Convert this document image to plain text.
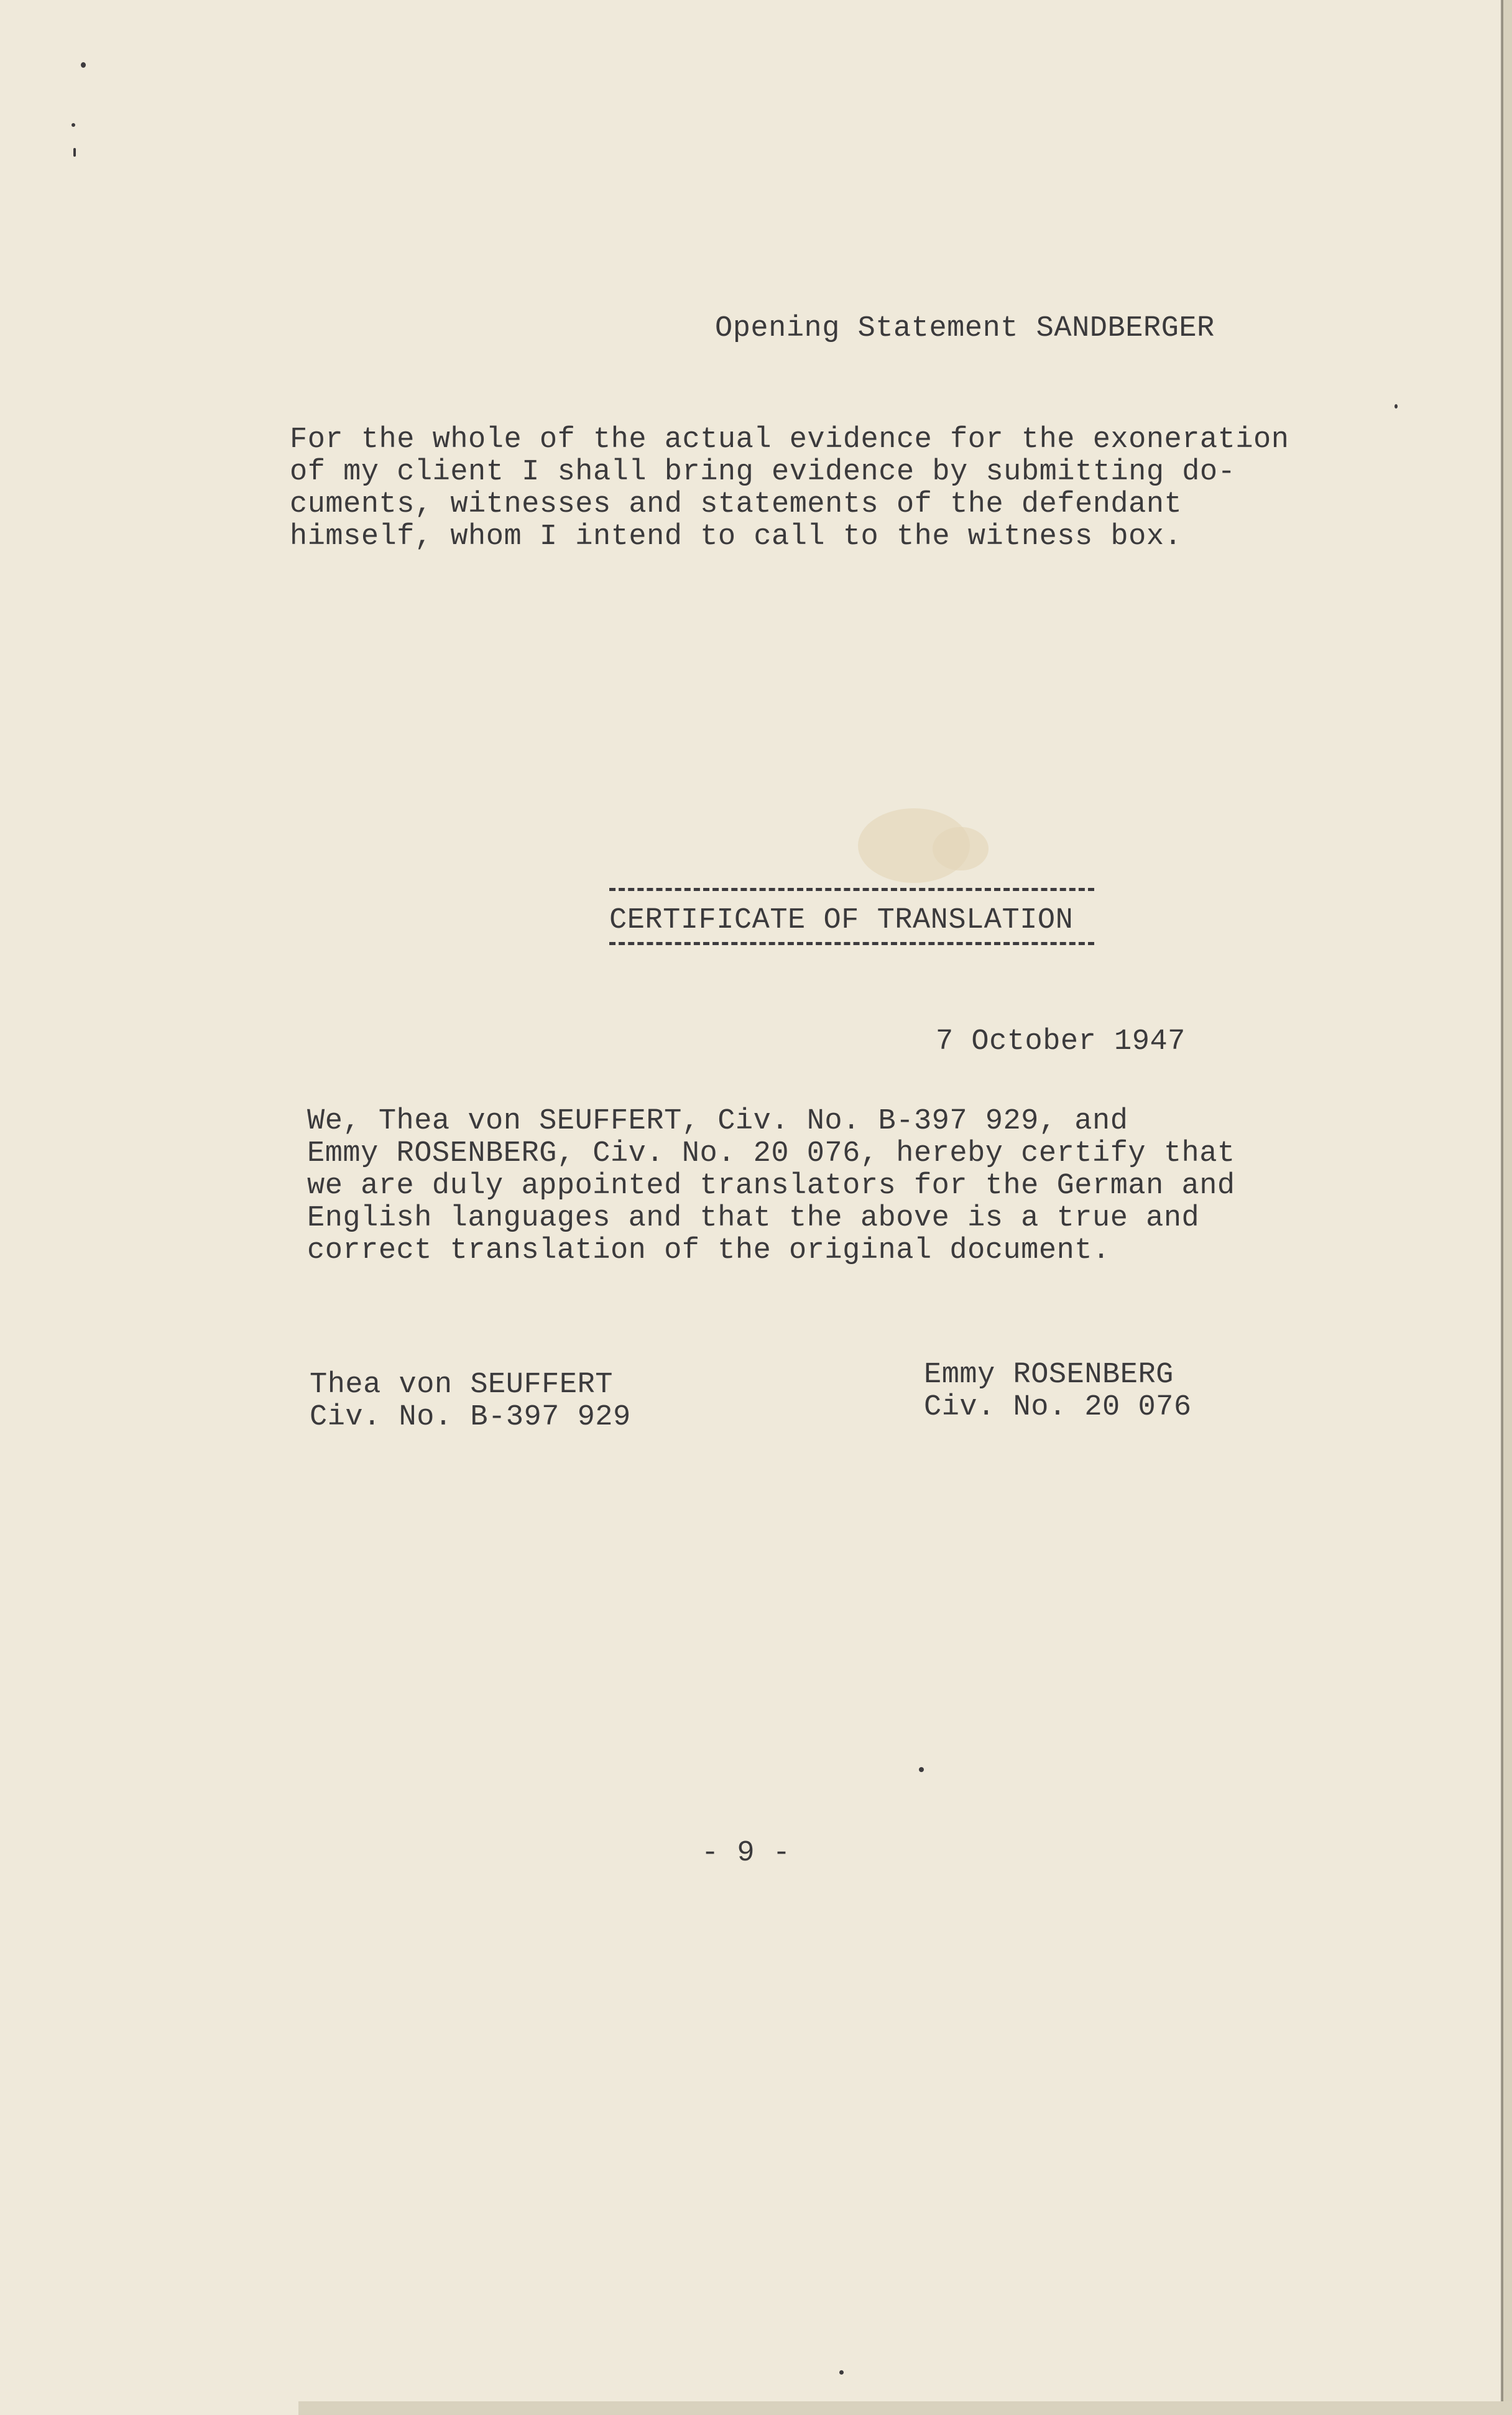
Opening Statement SANDBERGER
For the whole of the actual evidence for the exoneration
of my client I shall bring evidence by submitting do-
cuments, witnesses and statements of the defendant
himself, whom I intend to call to the witness box.
CERTIFICATE OF TRANSLATION
7 October 1947
We, Thea von SEUFFERT, Civ. No. B-397 929, and
Emmy ROSENBERG, Civ. No. 20 076, hereby certify that
we are duly appointed translators for the German and
English languages and that the above is a true and
correct translation of the original document.
Thea von SEUFFERT
Civ. No. B-397 929
Emmy ROSENBERG
Civ. No. 20 076
- 9 -
